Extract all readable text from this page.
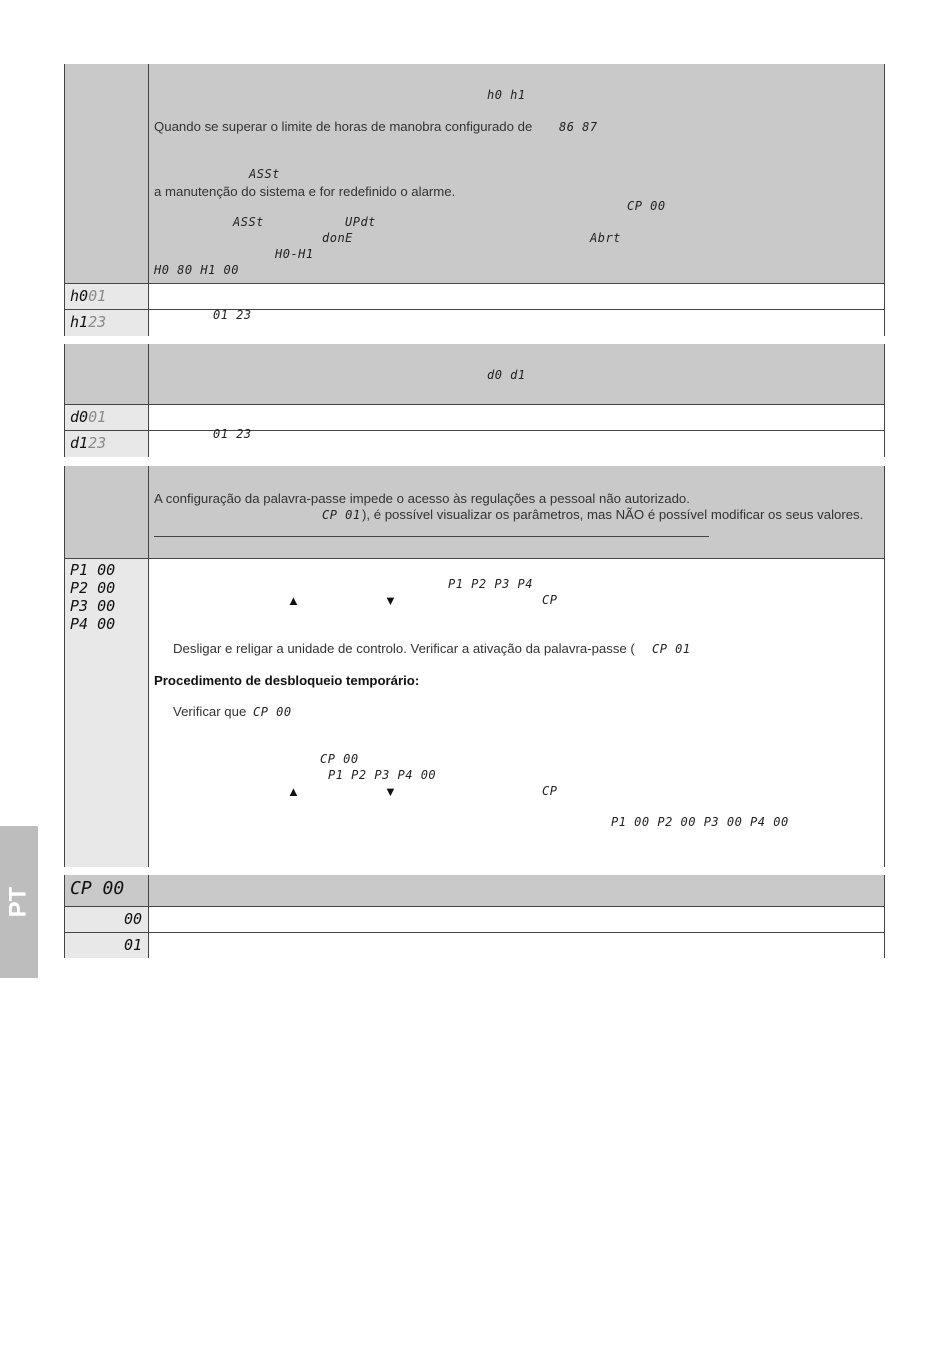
PT
h0 h1
Quando se superar o limite de horas de manobra configurado de 86 87
ASSt
a manutenção do sistema e for redefinido o alarme.
CP 00
ASSt	UPdt
donE	Abrt
H0-H1
H0 80 H1 00
h001
h123	01 23
d0 d1
d001
d123	01 23
A configuração da palavra-passe impede o acesso às regulações a pessoal não autorizado.
CP 01 ), é possível visualizar os parâmetros, mas NÃO é possível modificar os seus valores.
P1 00
P2 00
P3 00
P4 00
P1 P2 P3 P4
▲	▼	CP
Desligar e religar a unidade de controlo. Verificar a ativação da palavra-passe ( CP 01
Procedimento de desbloqueio temporário:
Verificar que CP 00
CP 00
P1 P2 P3 P4 00
▲	▼	CP
P1 00 P2 00 P3 00 P4 00
CP 00
00
01
